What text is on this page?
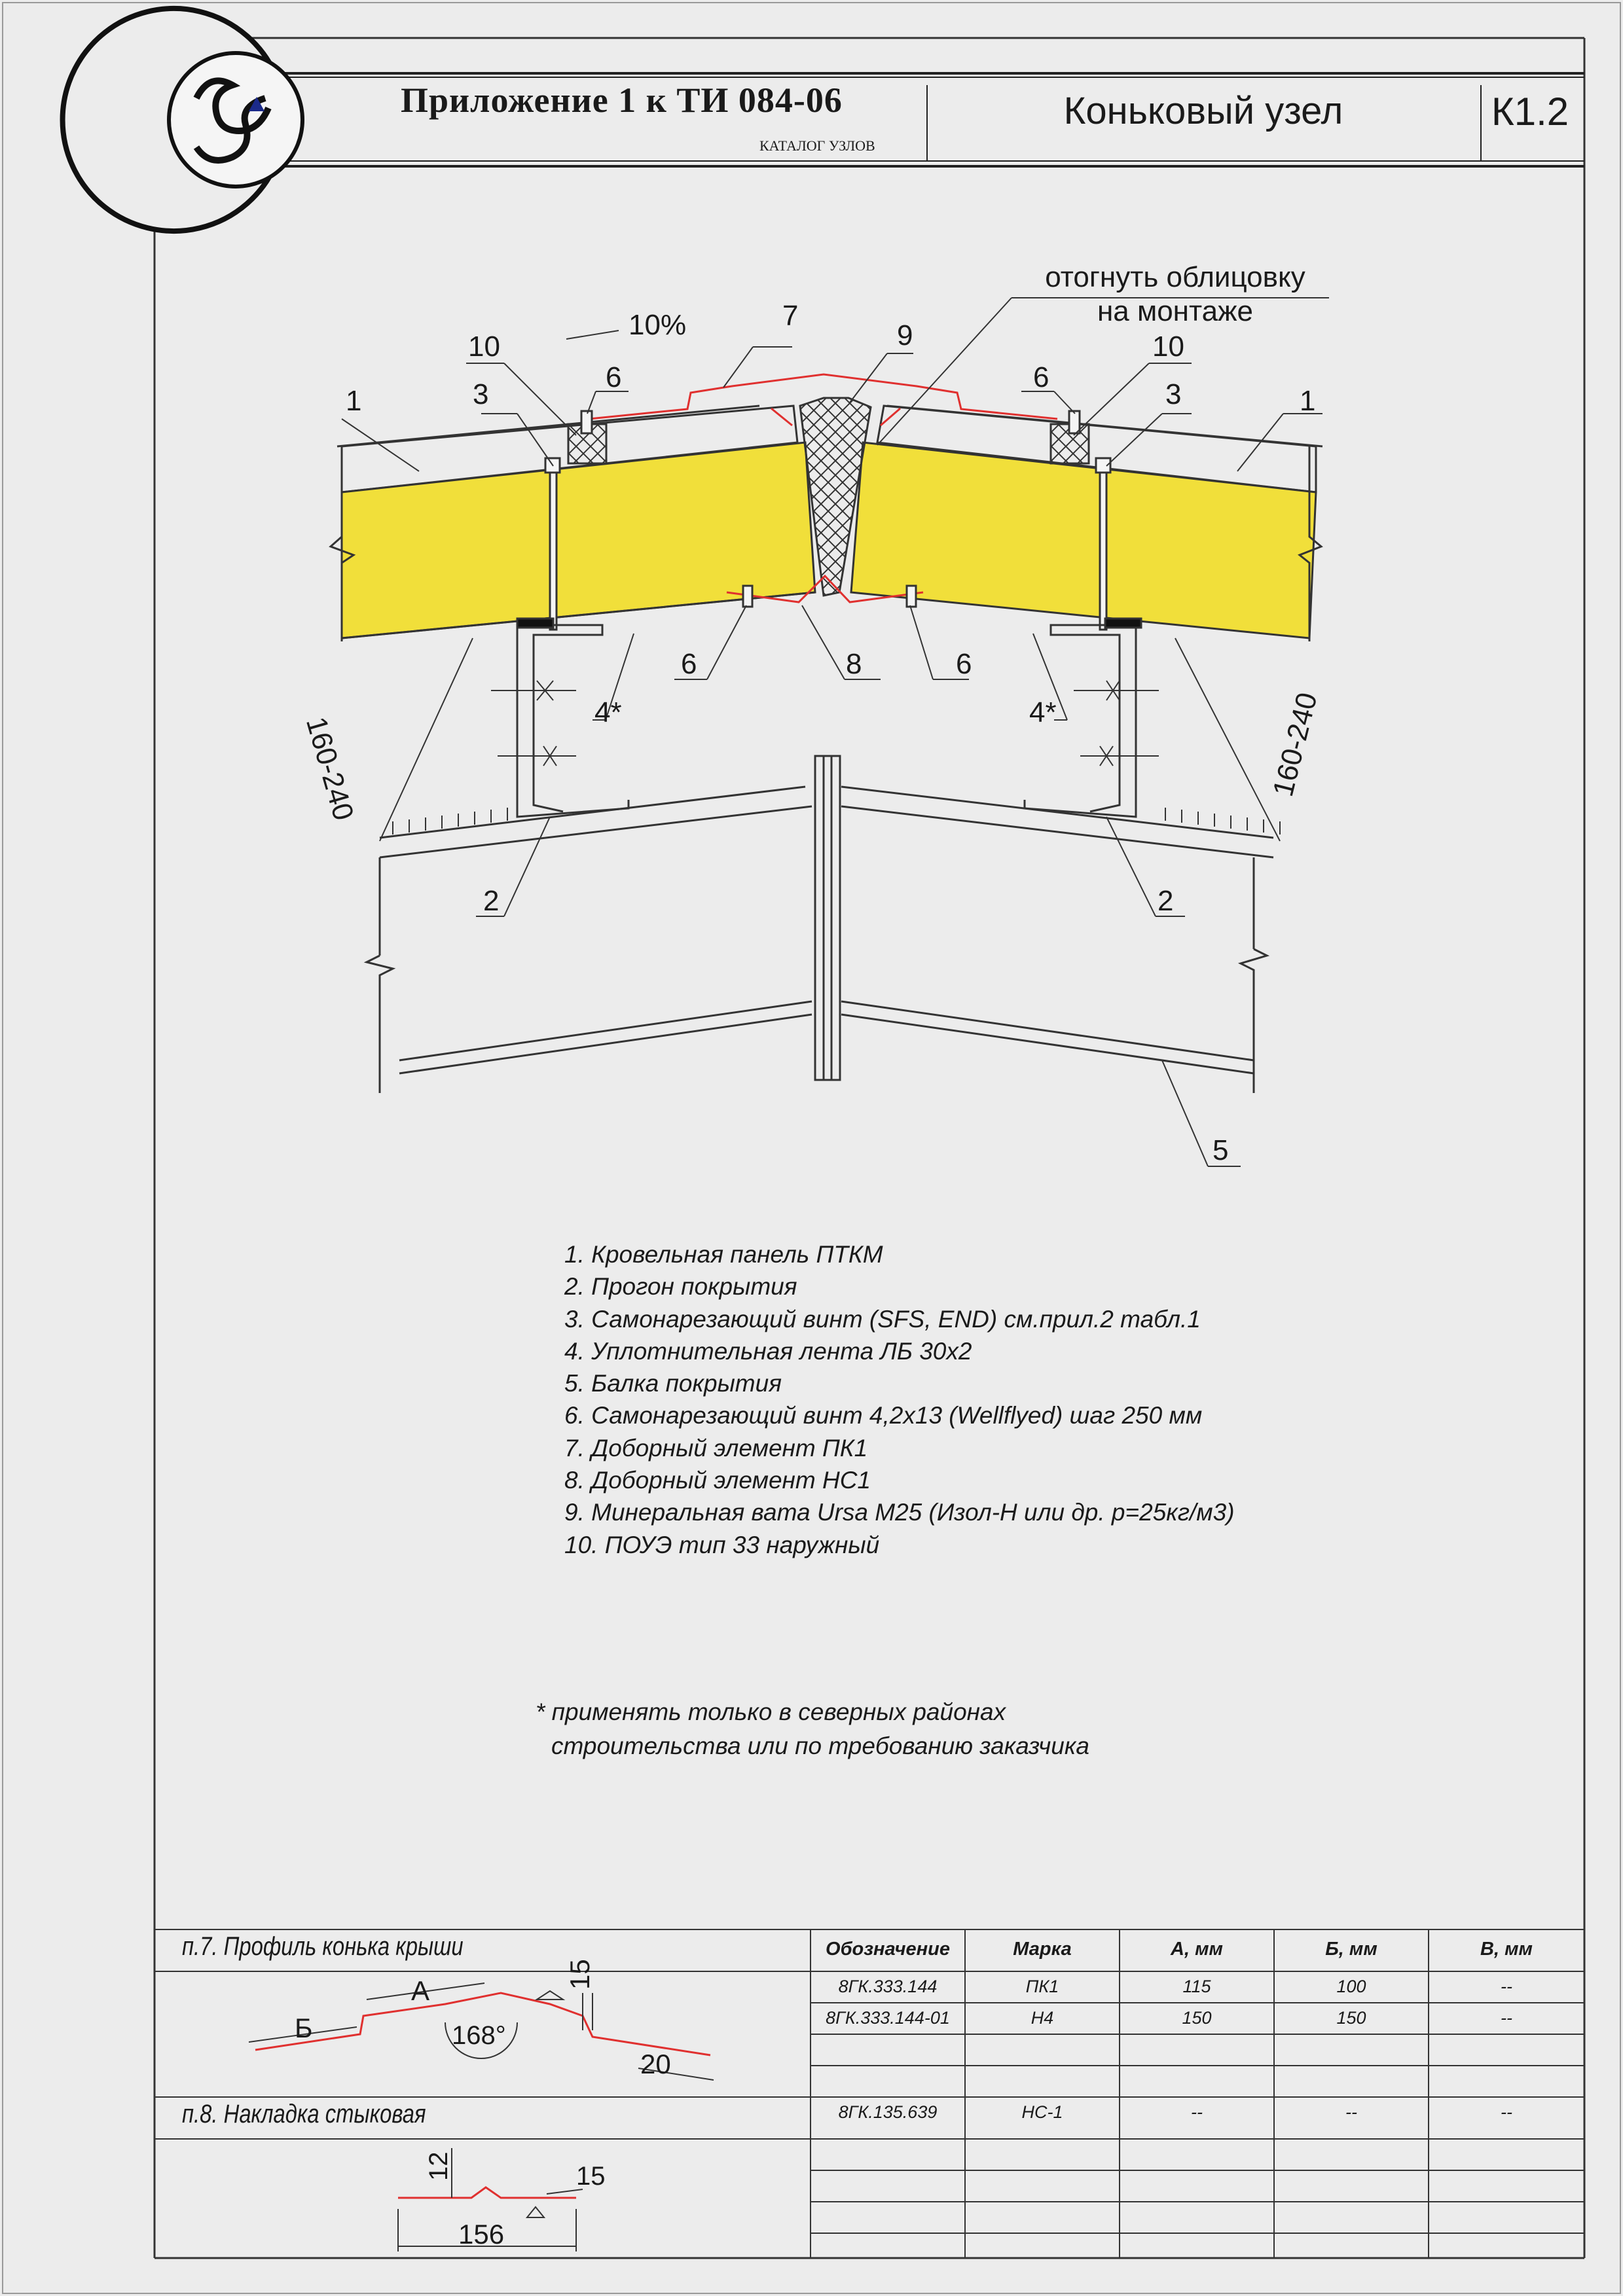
Приложение 1 к ТИ 084-06
КАТАЛОГ УЗЛОВ
Коньковый узел	К1.2
10%
отогнуть облицовку
на монтаже
1	1
3	3
10	10
6	6
7
9
6	8	6
4*	4*
2	2
5
160-240	160-240
1. Кровельная панель ПТКМ
2. Прогон покрытия
3. Самонарезающий винт (SFS, END) см.прил.2 табл.1
4. Уплотнительная лента ЛБ 30х2
5. Балка покрытия
6. Самонарезающий винт 4,2х13 (Wellflyed) шаг 250 мм
7. Доборный элемент ПК1
8. Доборный элемент НС1
9. Минеральная вата Ursa M25 (Изол-Н или др. р=25кг/м3)
10. ПОУЭ тип 33 наружный
* применять только в северных районах
строительства или по требованию заказчика
п.7. Профиль конька крыши
п.8. Накладка стыковая
Б
А
168°
15
20
12	15
156
Обозначение	Марка	А, мм	Б, мм	В, мм
8ГК.333.144	ПК1	115	100	--
8ГК.333.144-01	Н4	150	150	--
8ГК.135.639	НС-1	--	--	--
